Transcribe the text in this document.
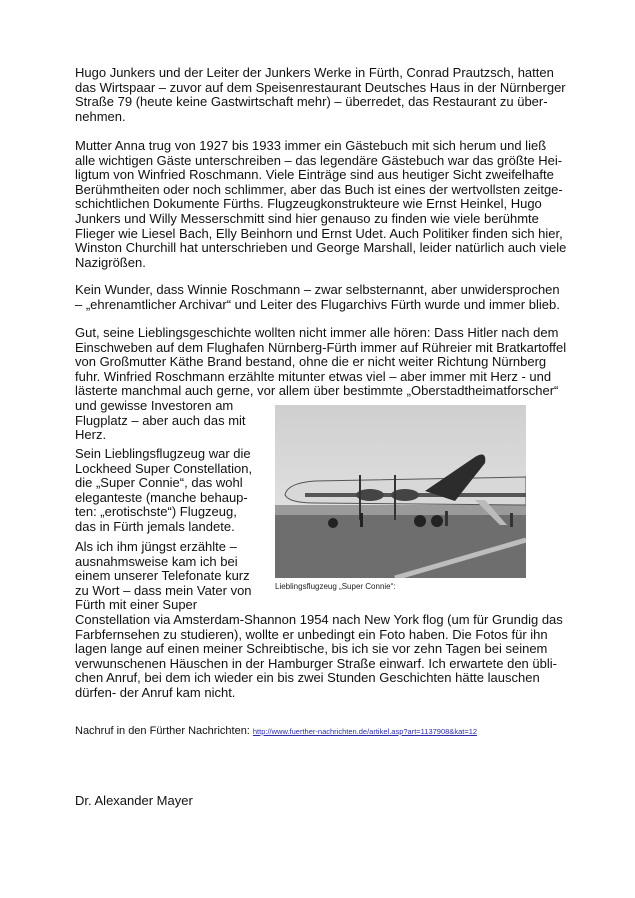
Hugo Junkers und der Leiter der Junkers Werke in Fürth, Conrad Prautzsch, hatten
das Wirtspaar – zuvor auf dem Speisenrestaurant Deutsches Haus in der Nürnberger
Straße 79 (heute keine Gastwirtschaft mehr) – überredet, das Restaurant zu über-
nehmen.
Mutter Anna trug von 1927 bis 1933 immer ein Gästebuch mit sich herum und ließ
alle wichtigen Gäste unterschreiben – das legendäre Gästebuch war das größte Hei-
ligtum von Winfried Roschmann. Viele Einträge sind aus heutiger Sicht zweifelhafte
Berühmtheiten oder noch schlimmer, aber das Buch ist eines der wertvollsten zeitge-
schichtlichen Dokumente Fürths. Flugzeugkonstrukteure wie Ernst Heinkel, Hugo
Junkers und Willy Messerschmitt sind hier genauso zu finden wie viele berühmte
Flieger wie Liesel Bach, Elly Beinhorn und Ernst Udet. Auch Politiker finden sich hier,
Winston Churchill hat unterschrieben und George Marshall, leider natürlich auch viele
Nazigrößen.
Kein Wunder, dass Winnie Roschmann – zwar selbsternannt, aber unwidersprochen
– „ehrenamtlicher Archivar“ und Leiter des Flugarchivs Fürth wurde und immer blieb.
Gut, seine Lieblingsgeschichte wollten nicht immer alle hören: Dass Hitler nach dem
Einschweben auf dem Flughafen Nürnberg-Fürth immer auf Rühreier mit Bratkartoffel
von Großmutter Käthe Brand bestand, ohne die er nicht weiter Richtung Nürnberg
fuhr. Winfried Roschmann erzählte mitunter etwas viel – aber immer mit Herz - und
lästerte manchmal auch gerne, vor allem über bestimmte „Oberstadtheimatforscher“
und gewisse Investoren am
Flugplatz – aber auch das mit
Herz.
Sein Lieblingsflugzeug war die
Lockheed Super Constellation,
die „Super Connie“, das wohl
eleganteste (manche behaup-
ten: „erotischste“) Flugzeug,
das in Fürth jemals landete.
Als ich ihm jüngst erzählte –
ausnahmsweise kam ich bei
einem unserer Telefonate kurz
zu Wort – dass mein Vater von
Fürth mit einer Super
Constellation via Amsterdam-Shannon 1954 nach New York flog (um für Grundig das
Farbfernsehen zu studieren), wollte er unbedingt ein Foto haben. Die Fotos für ihn
lagen lange auf einen meiner Schreibtische, bis ich sie vor zehn Tagen bei seinem
verwunschenen Häuschen in der Hamburger Straße einwarf. Ich erwartete den übli-
chen Anruf, bei dem ich wieder ein bis zwei Stunden Geschichten hätte lauschen
dürfen- der Anruf kam nicht.
Lieblingsflugzeug „Super Connie“:
Nachruf in den Fürther Nachrichten: http://www.fuerther-nachrichten.de/artikel.asp?art=1137908&kat=12
Dr. Alexander Mayer
